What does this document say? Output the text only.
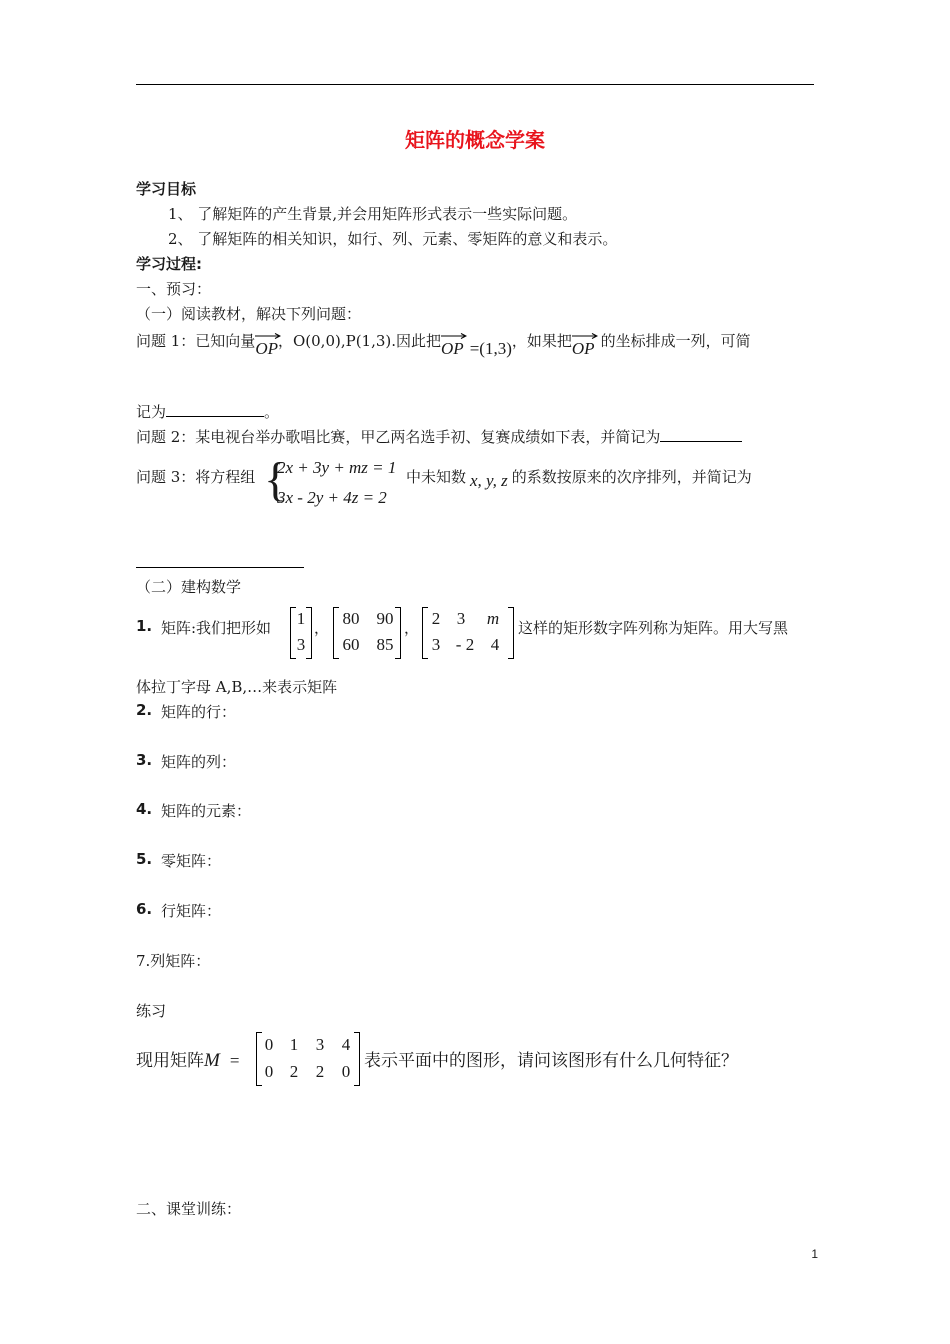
矩阵的概念学案
学习目标
1、 了解矩阵的产生背景,并会用矩阵形式表示一些实际问题。
2、 了解矩阵的相关知识，如行、列、元素、零矩阵的意义和表示。
学习过程:
一、预习：
（一）阅读教材，解决下列问题：
问题 1：已知向量
OP，O(0,0),P(1,3).因此把
OP =(1,3)，如果把
OP 的坐标排成一列，可简
记为	。
问题 2：某电视台举办歌唱比赛，甲乙两名选手初、复赛成绩如下表，并简记为
问题 3：将方程组 {
2x + 3y + mz = 1
3x - 2y + 4z = 2
中未知数 x, y, z 的系数按原来的次序排列，并简记为
（二）建构数学
1. 矩阵:我们把形如	1
3
， 80	90
60	85
， 2 3	m
3 - 2 4
这样的矩形数字阵列称为矩阵。用大写黑
体拉丁字母 A,B,…来表示矩阵
2. 矩阵的行：
3. 矩阵的列：
4. 矩阵的元素：
5. 零矩阵：
6. 行矩阵：
7.列矩阵：
练习
现用矩阵M =
0 1	3	4
0 2	2	0
表示平面中的图形，请问该图形有什么几何特征？
二、课堂训练：
1
